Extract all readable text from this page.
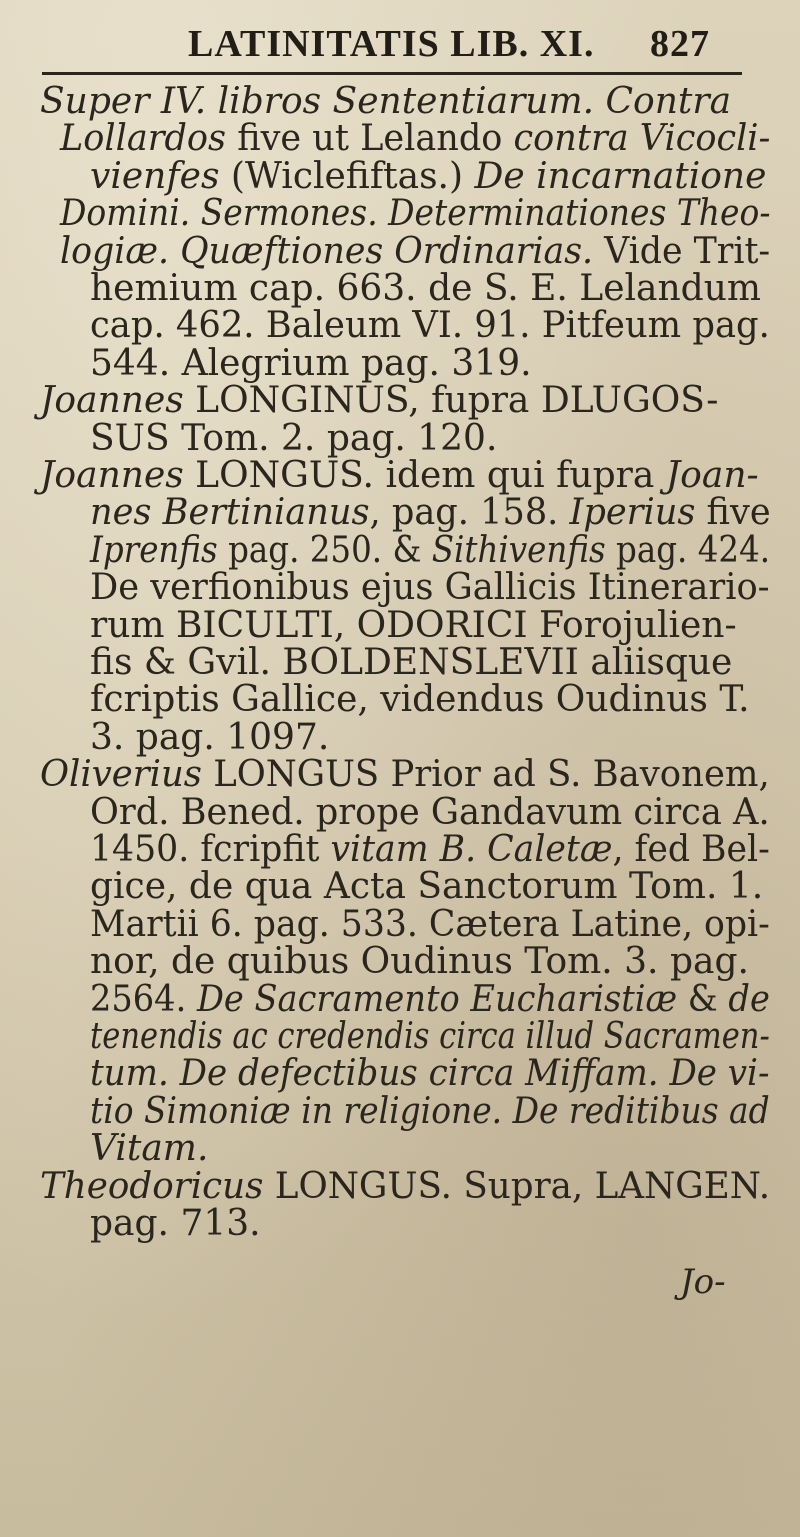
LATINITATIS LIB. XI. 827
Super IV. libros Sententiarum. Contra
Lollardos five ut Lelando contra Vicocli-
vienfes (Wiclefiftas.) De incarnatione
Domini. Sermones. Determinationes Theo-
logiæ. Quæftiones Ordinarias. Vide Trit-
hemium cap. 663. de S. E. Lelandum
cap. 462. Baleum VI. 91. Pitfeum pag.
544. Alegrium pag. 319.
Joannes LONGINUS, fupra DLUGOS-
SUS Tom. 2. pag. 120.
Joannes LONGUS. idem qui fupra Joan-
nes Bertinianus, pag. 158. Iperius five
Iprenfis pag. 250. & Sithivenfis pag. 424.
De verfionibus ejus Gallicis Itinerario-
rum BICULTI, ODORICI Forojulien-
fis & Gvil. BOLDENSLEVII aliisque
fcriptis Gallice, videndus Oudinus T.
3. pag. 1097.
Oliverius LONGUS Prior ad S. Bavonem,
Ord. Bened. prope Gandavum circa A.
1450. fcripfit vitam B. Caletæ, fed Bel-
gice, de qua Acta Sanctorum Tom. 1.
Martii 6. pag. 533. Cætera Latine, opi-
nor, de quibus Oudinus Tom. 3. pag.
2564. De Sacramento Eucharistiæ & de
tenendis ac credendis circa illud Sacramen-
tum. De defectibus circa Miffam. De vi-
tio Simoniæ in religione. De reditibus ad
Vitam.
Theodoricus LONGUS. Supra, LANGEN.
pag. 713.
Jo-
